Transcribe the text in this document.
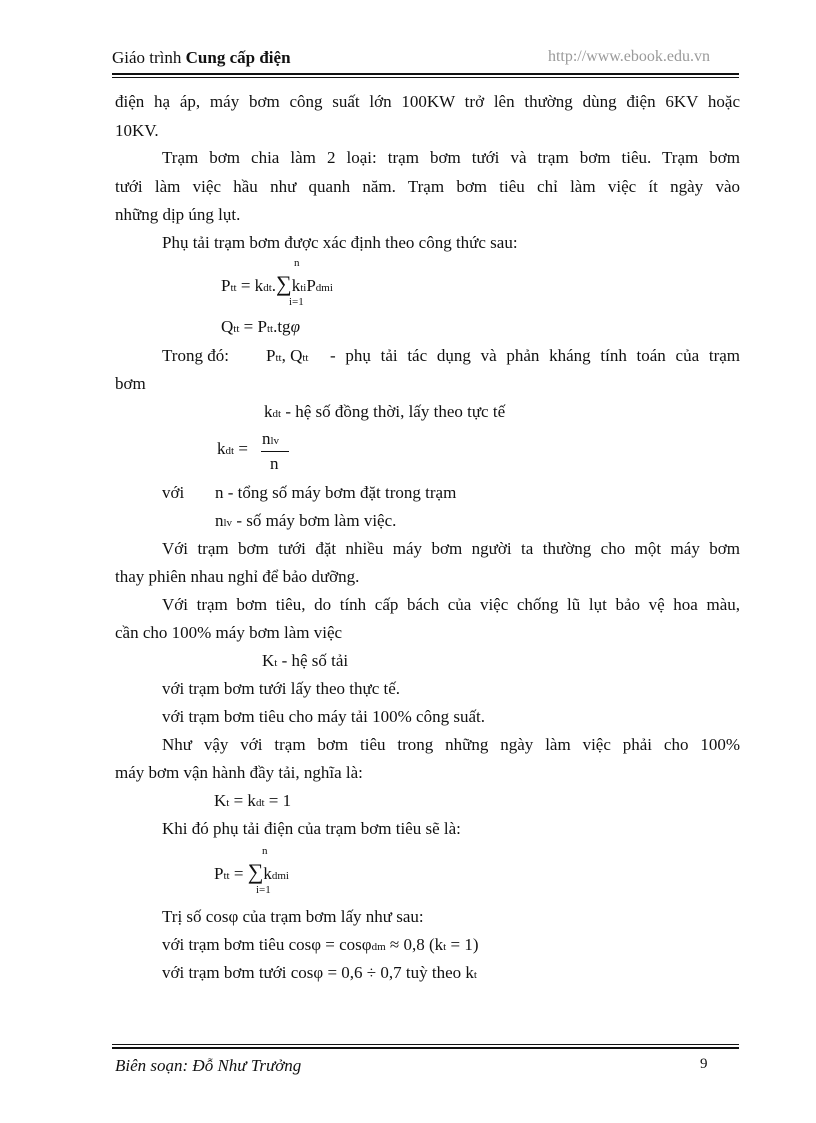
Giáo trình Cung cấp điện	http://www.ebook.edu.vn
điện hạ áp, máy bơm công suất lớn 100KW trở lên thường dùng điện 6KV hoặc
10KV.
Trạm bơm chia làm 2 loại: trạm bơm tưới và trạm bơm tiêu. Trạm bơm
tưới làm việc hầu như quanh năm. Trạm bơm tiêu chỉ làm việc ít ngày vào
những dịp úng lụt.
Phụ tải trạm bơm được xác định theo công thức sau:
Ptt = kdt.∑ktiPdmi
n
i=1
Qtt = Ptt.tgφ
Trong đó: Ptt, Qtt - phụ tải tác dụng và phản kháng tính toán của trạm
bơm
kdt - hệ số đồng thời, lấy theo tực tế
kdt =
nlv
n
với n - tổng số máy bơm đặt trong trạm
nlv - số máy bơm làm việc.
Với trạm bơm tưới đặt nhiều máy bơm người ta thường cho một máy bơm
thay phiên nhau nghỉ để bảo dưỡng.
Với trạm bơm tiêu, do tính cấp bách của việc chống lũ lụt bảo vệ hoa màu,
cần cho 100% máy bơm làm việc
Kt - hệ số tải
với trạm bơm tưới lấy theo thực tế.
với trạm bơm tiêu cho máy tải 100% công suất.
Như vậy với trạm bơm tiêu trong những ngày làm việc phải cho 100%
máy bơm vận hành đầy tải, nghĩa là:
Kt = kdt = 1
Khi đó phụ tải điện của trạm bơm tiêu sẽ là:
Ptt = ∑kdmi
n
i=1
Trị số cosφ của trạm bơm lấy như sau:
với trạm bơm tiêu cosφ = cosφdm ≈ 0,8 (kt = 1)
với trạm bơm tưới cosφ = 0,6 ÷ 0,7 tuỳ theo kt
Biên soạn: Đỗ Như Trưởng	9
